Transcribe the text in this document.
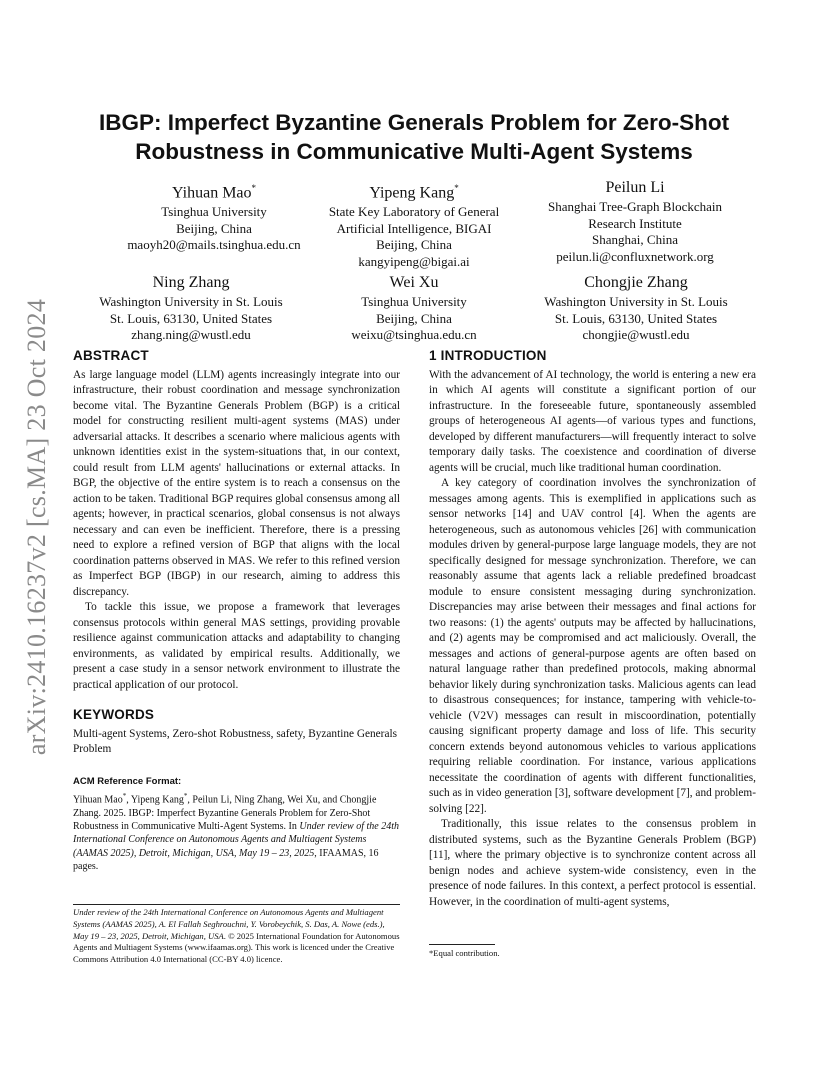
arXiv:2410.16237v2 [cs.MA] 23 Oct 2024
IBGP: Imperfect Byzantine Generals Problem for Zero-Shot
Robustness in Communicative Multi-Agent Systems
Yihuan Mao*
Tsinghua University
Beijing, China
maoyh20@mails.tsinghua.edu.cn
Yipeng Kang*
State Key Laboratory of General
Artificial Intelligence, BIGAI
Beijing, China
kangyipeng@bigai.ai
Peilun Li
Shanghai Tree-Graph Blockchain
Research Institute
Shanghai, China
peilun.li@confluxnetwork.org
Ning Zhang
Washington University in St. Louis
St. Louis, 63130, United States
zhang.ning@wustl.edu
Wei Xu
Tsinghua University
Beijing, China
weixu@tsinghua.edu.cn
Chongjie Zhang
Washington University in St. Louis
St. Louis, 63130, United States
chongjie@wustl.edu
ABSTRACT

As large language model (LLM) agents increasingly integrate into our infrastructure, their robust coordination and message synchronization become vital. The Byzantine Generals Problem (BGP) is a critical model for constructing resilient multi-agent systems (MAS) under adversarial attacks. It describes a scenario where malicious agents with unknown identities exist in the system-situations that, in our context, could result from LLM agents' hallucinations or external attacks. In BGP, the objective of the entire system is to reach a consensus on the action to be taken. Traditional BGP requires global consensus among all agents; however, in practical scenarios, global consensus is not always necessary and can even be inefficient. Therefore, there is a pressing need to explore a refined version of BGP that aligns with the local coordination patterns observed in MAS. We refer to this refined version as Imperfect BGP (IBGP) in our research, aiming to address this discrepancy.

To tackle this issue, we propose a framework that leverages consensus protocols within general MAS settings, providing provable resilience against communication attacks and adaptability to changing environments, as validated by empirical results. Additionally, we present a case study in a sensor network environment to illustrate the practical application of our protocol.

KEYWORDS

Multi-agent Systems, Zero-shot Robustness, safety, Byzantine Generals Problem

ACM Reference Format:
Yihuan Mao*, Yipeng Kang*, Peilun Li, Ning Zhang, Wei Xu, and Chongjie Zhang. 2025. IBGP: Imperfect Byzantine Generals Problem for Zero-Shot Robustness in Communicative Multi-Agent Systems. In Under review of the 24th International Conference on Autonomous Agents and Multiagent Systems (AAMAS 2025), Detroit, Michigan, USA, May 19 – 23, 2025, IFAAMAS, 16 pages.
Under review of the 24th International Conference on Autonomous Agents and Multiagent Systems (AAMAS 2025), A. El Fallah Seghrouchni, Y. Vorobeychik, S. Das, A. Nowe (eds.), May 19 – 23, 2025, Detroit, Michigan, USA. © 2025 International Foundation for Autonomous Agents and Multiagent Systems (www.ifaamas.org). This work is licenced under the Creative Commons Attribution 4.0 International (CC-BY 4.0) licence.
1 INTRODUCTION

With the advancement of AI technology, the world is entering a new era in which AI agents will constitute a significant portion of our infrastructure. In the foreseeable future, spontaneously assembled groups of heterogeneous AI agents—of various types and functions, developed by different manufacturers—will frequently interact to solve temporary daily tasks. The coexistence and coordination of diverse agents will be crucial, much like traditional human coordination.

A key category of coordination involves the synchronization of messages among agents. This is exemplified in applications such as sensor networks [14] and UAV control [4]. When the agents are heterogeneous, such as autonomous vehicles [26] with communication modules driven by general-purpose large language models, they are not specifically designed for message synchronization. Therefore, we can reasonably assume that agents lack a reliable predefined broadcast module to ensure consistent messaging during synchronization. Discrepancies may arise between their messages and final actions for two reasons: (1) the agents' outputs may be affected by hallucinations, and (2) agents may be compromised and act maliciously. Overall, the messages and actions of general-purpose agents are often based on natural language rather than predefined protocols, making abnormal behavior likely during synchronization tasks. Malicious agents can lead to disastrous consequences; for instance, tampering with vehicle-to-vehicle (V2V) messages can result in miscoordination, potentially causing significant property damage and loss of life. This security concern extends beyond autonomous vehicles to various applications requiring reliable coordination. For instance, various applications necessitate the coordination of agents with different functionalities, such as in video generation [3], software development [7], and problem-solving [22].

Traditionally, this issue relates to the consensus problem in distributed systems, such as the Byzantine Generals Problem (BGP) [11], where the primary objective is to synchronize content across all benign nodes and achieve system-wide consistency, even in the presence of node failures. In this context, a perfect protocol is essential. However, in the coordination of multi-agent systems,

*Equal contribution.
